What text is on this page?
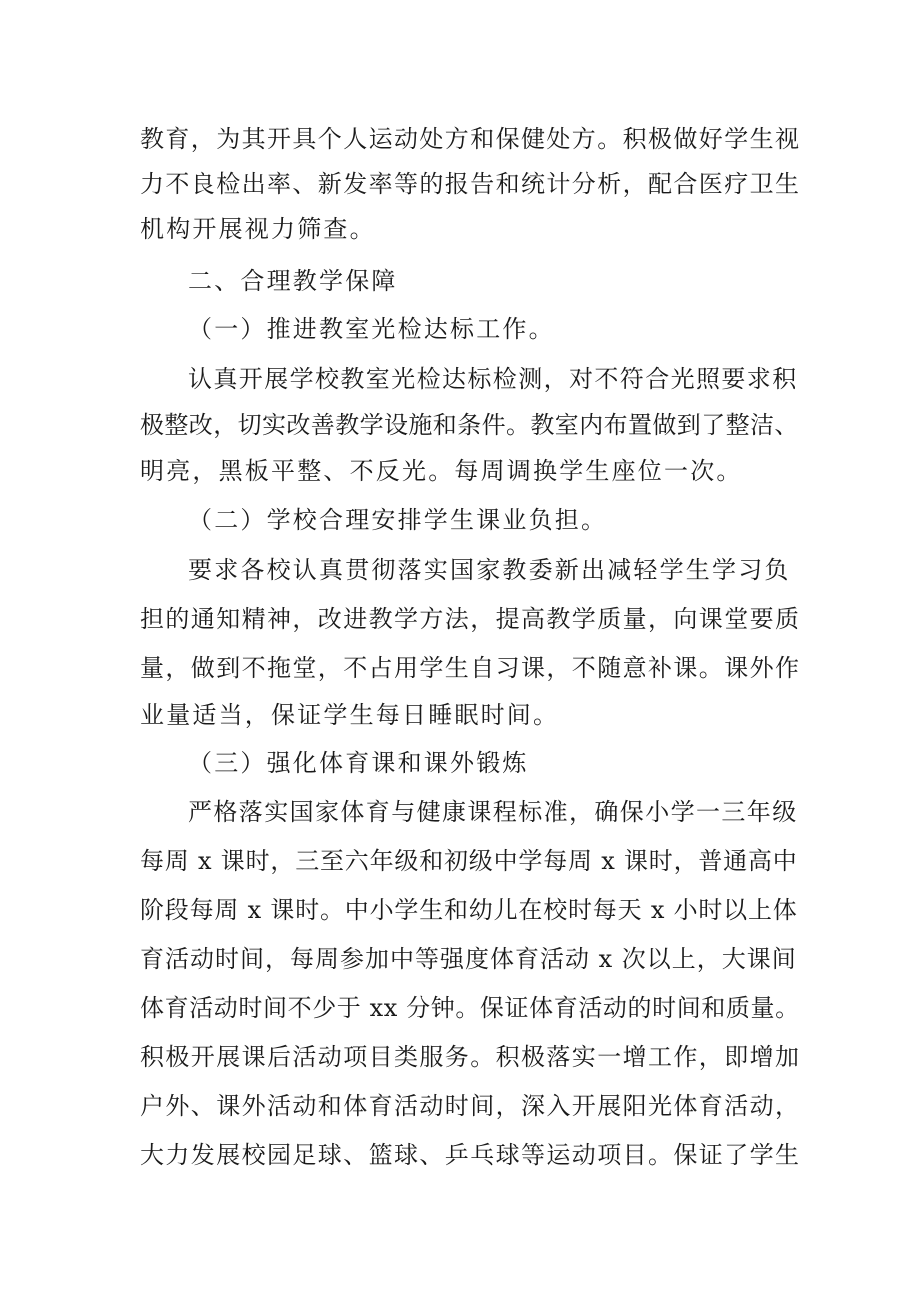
教育，为其开具个人运动处方和保健处方。积极做好学生视
力不良检出率、新发率等的报告和统计分析，配合医疗卫生
机构开展视力筛查。
二、合理教学保障
（一）推进教室光检达标工作。
认真开展学校教室光检达标检测，对不符合光照要求积
极整改，切实改善教学设施和条件。教室内布置做到了整洁、
明亮，黑板平整、不反光。每周调换学生座位一次。
（二）学校合理安排学生课业负担。
要求各校认真贯彻落实国家教委新出减轻学生学习负
担的通知精神，改进教学方法，提高教学质量，向课堂要质
量，做到不拖堂，不占用学生自习课，不随意补课。课外作
业量适当，保证学生每日睡眠时间。
（三）强化体育课和课外锻炼
严格落实国家体育与健康课程标准，确保小学一三年级
每周 x 课时，三至六年级和初级中学每周 x 课时，普通高中
阶段每周 x 课时。中小学生和幼儿在校时每天 x 小时以上体
育活动时间，每周参加中等强度体育活动 x 次以上，大课间
体育活动时间不少于 xx 分钟。保证体育活动的时间和质量。
积极开展课后活动项目类服务。积极落实一增工作，即增加
户外、课外活动和体育活动时间，深入开展阳光体育活动，
大力发展校园足球、篮球、乒乓球等运动项目。保证了学生
